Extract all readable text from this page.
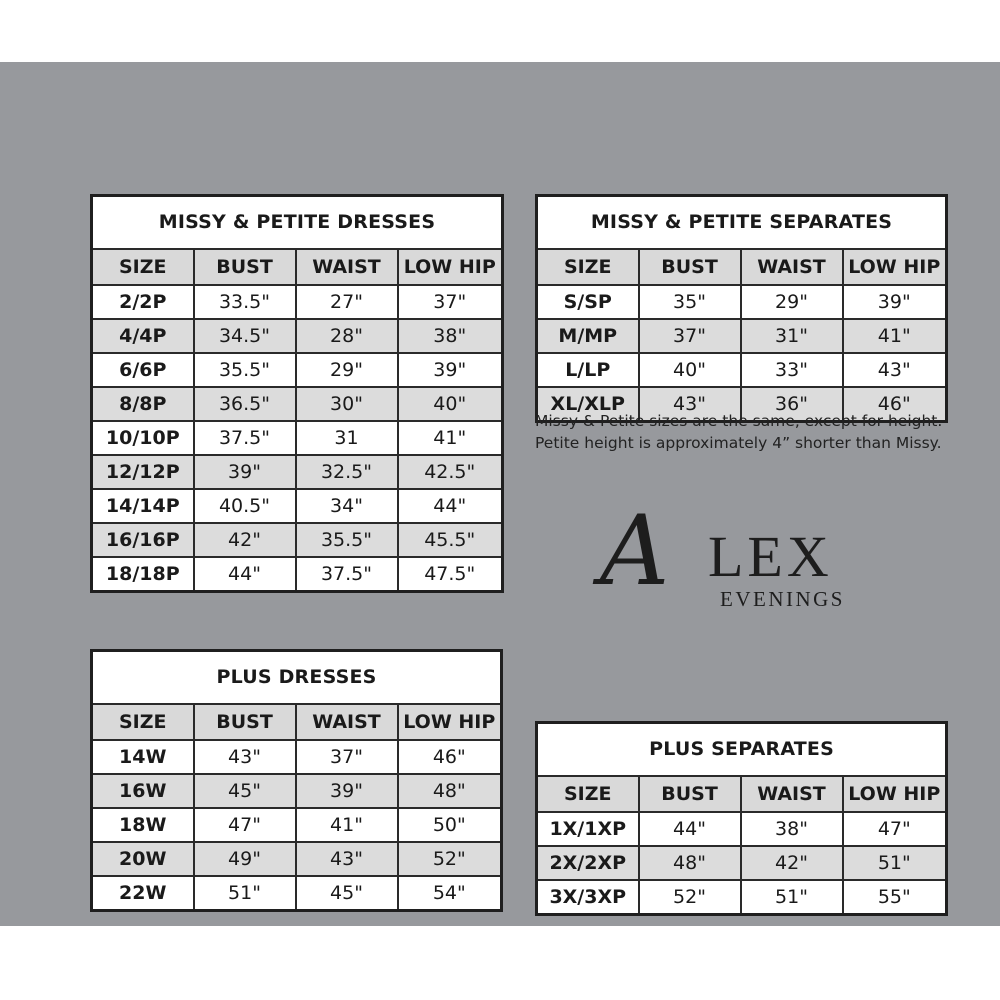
MISSY & PETITE DRESSES			
SIZE	BUST	WAIST	LOW HIP
2/2P	33.5"	27"	37"
4/4P	34.5"	28"	38"
6/6P	35.5"	29"	39"
8/8P	36.5"	30"	40"
10/10P	37.5"	31	41"
12/12P	39"	32.5"	42.5"
14/14P	40.5"	34"	44"
16/16P	42"	35.5"	45.5"
18/18P	44"	37.5"	47.5"
MISSY & PETITE SEPARATES			
SIZE	BUST	WAIST	LOW HIP
S/SP	35"	29"	39"
M/MP	37"	31"	41"
L/LP	40"	33"	43"
XL/XLP	43"	36"	46"
PLUS DRESSES			
SIZE	BUST	WAIST	LOW HIP
14W	43"	37"	46"
16W	45"	39"	48"
18W	47"	41"	50"
20W	49"	43"	52"
22W	51"	45"	54"
PLUS SEPARATES			
SIZE	BUST	WAIST	LOW HIP
1X/1XP	44"	38"	47"
2X/2XP	48"	42"	51"
3X/3XP	52"	51"	55"
Missy & Petite sizes are the same, except for height.
Petite height is approximately 4” shorter than Missy.
A LEX
EVENINGS
